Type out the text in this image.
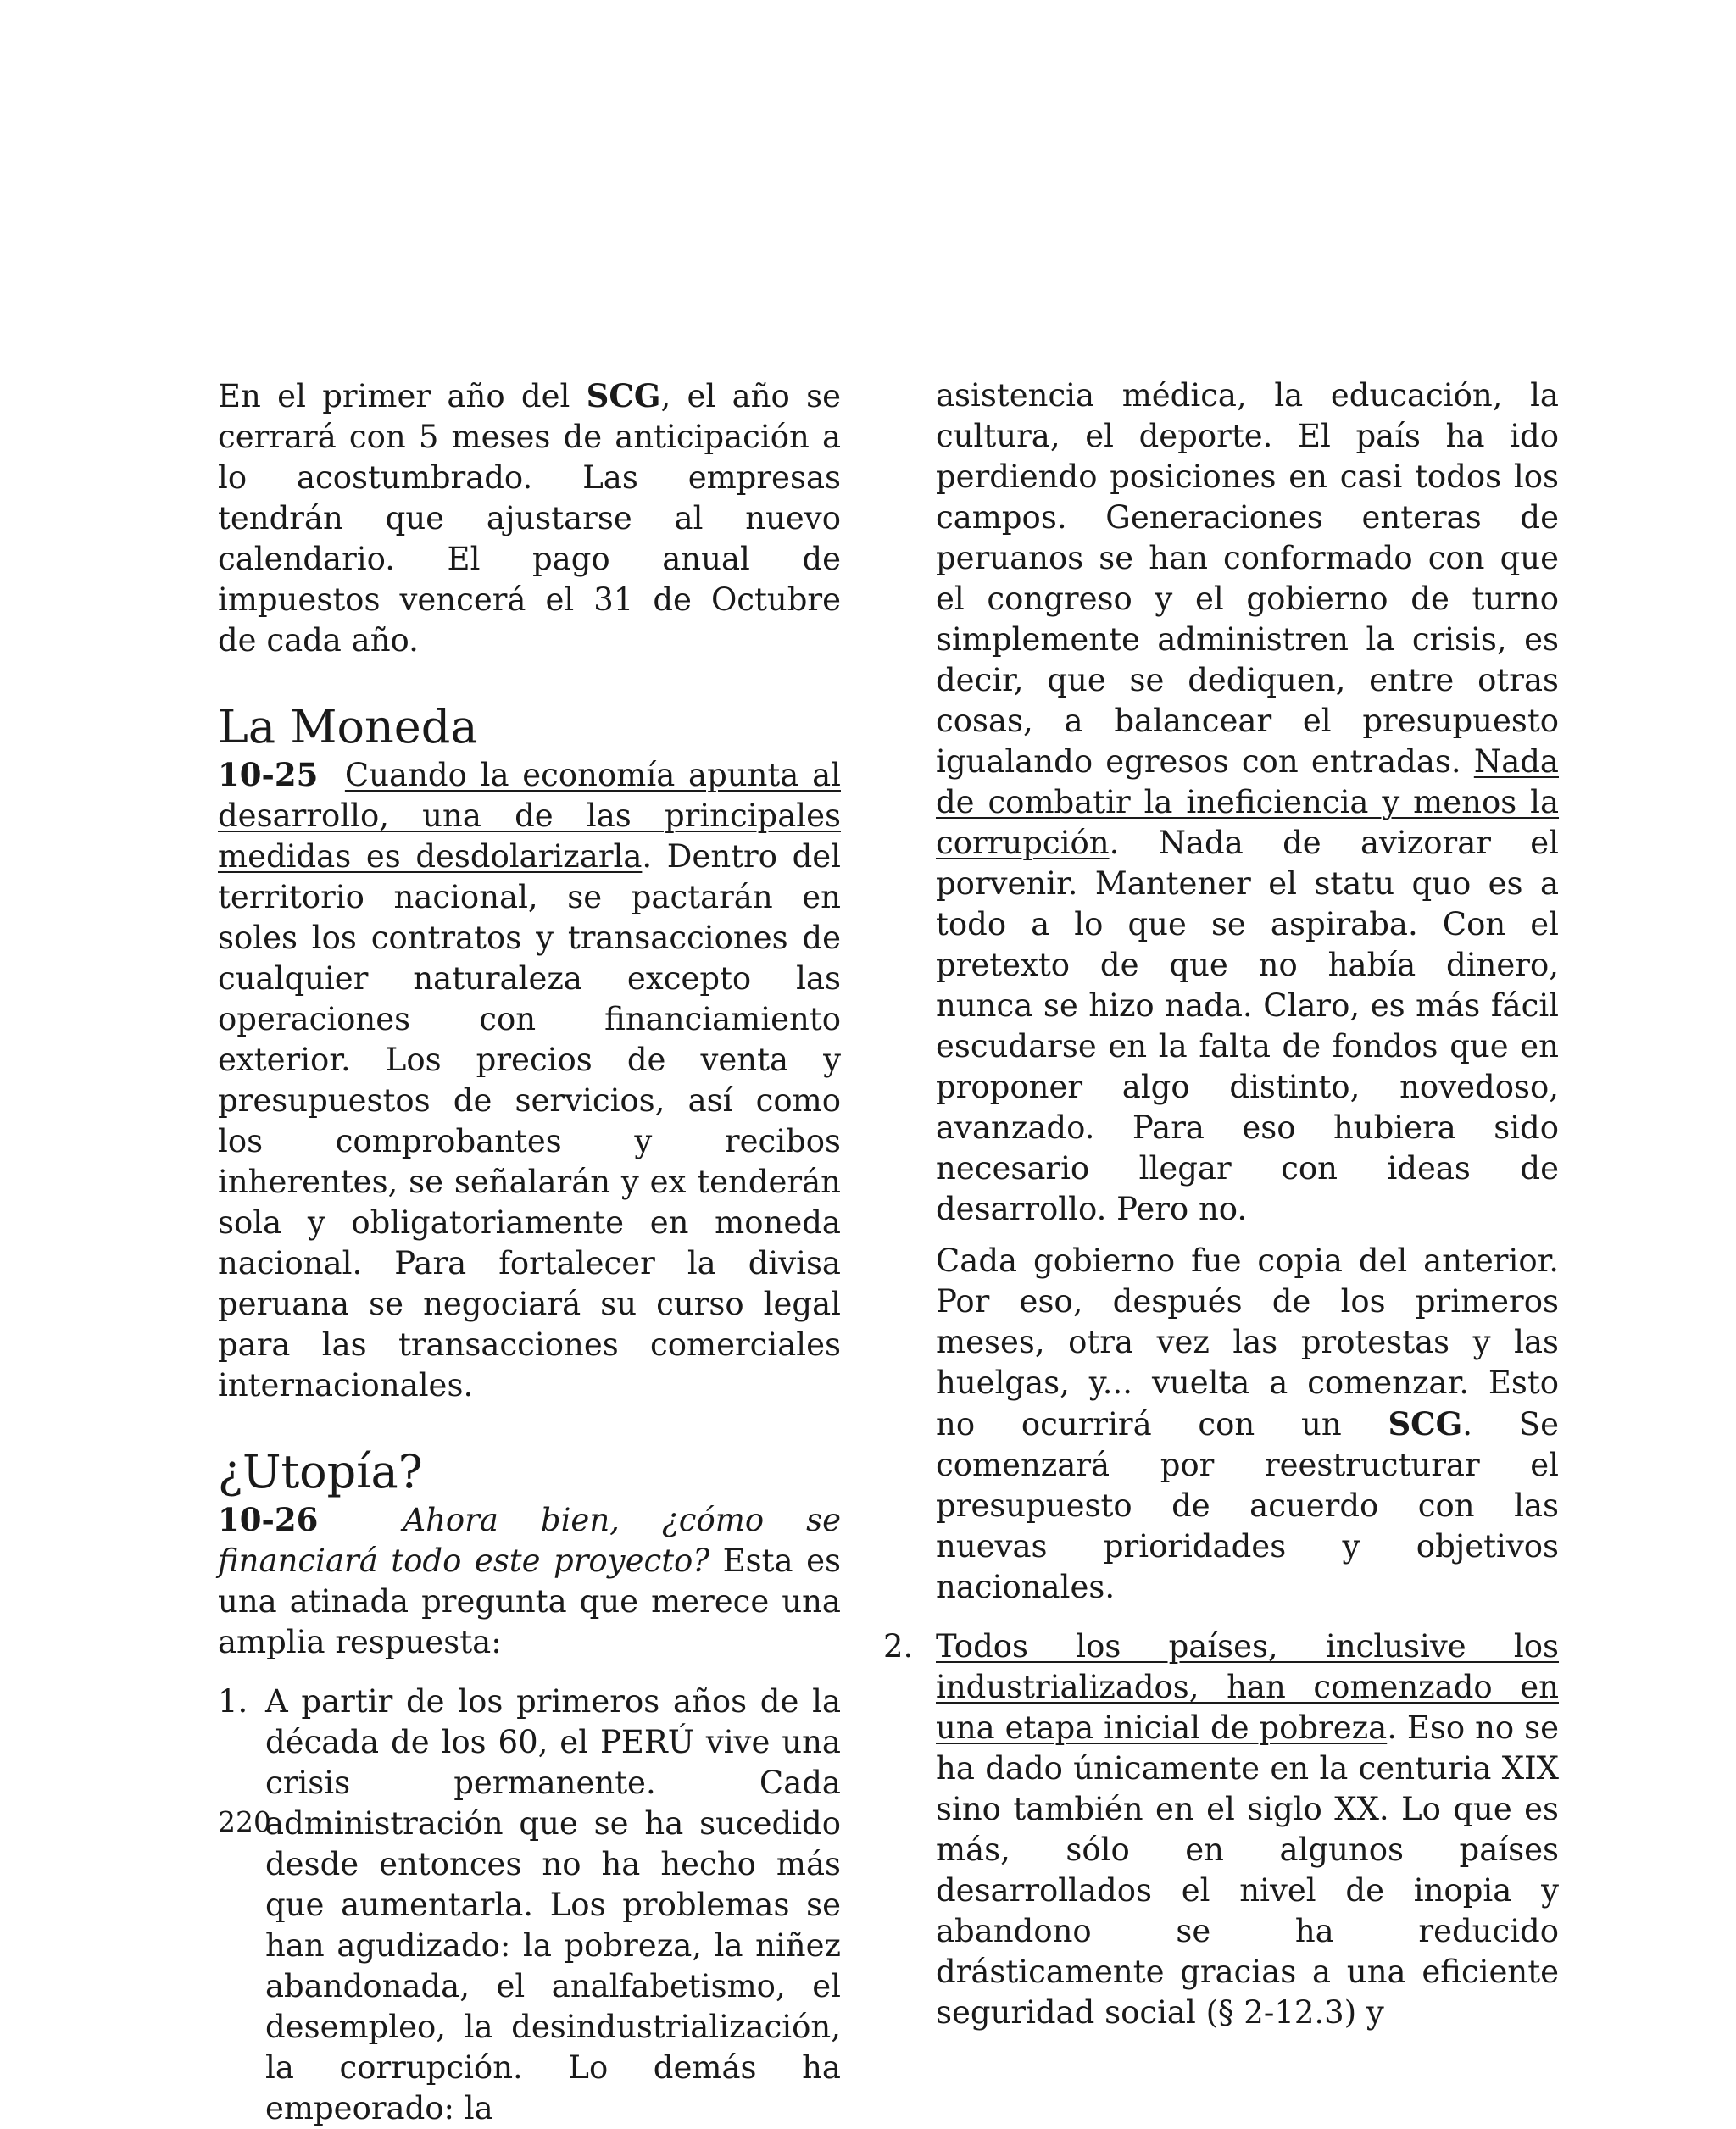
En el primer año del SCG, el año se cerrará con 5 meses de anticipación a lo acostumbrado. Las empresas tendrán que ajustarse al nuevo calendario. El pago anual de impuestos vencerá el 31 de Octubre de cada año.

La Moneda

10-25 Cuando la economía apunta al desarrollo, una de las principales medidas es desdolarizarla. Dentro del territorio nacional, se pactarán en soles los contratos y transacciones de cualquier naturaleza excepto las operaciones con financiamiento exterior. Los precios de venta y presupuestos de servicios, así como los comprobantes y recibos inherentes, se señalarán y ex tenderán sola y obligatoriamente en moneda nacional. Para fortalecer la divisa peruana se negociará su curso legal para las transacciones comerciales internacionales.

¿Utopía?

10-26	Ahora bien, ¿cómo se financiará todo este proyecto? Esta es una atinada pregunta que merece una amplia respuesta:

1. A partir de los primeros años de la década de los 60, el PERÚ vive una crisis permanente. Cada administración que se ha sucedido desde entonces no ha hecho más que aumentarla. Los problemas se han agudizado: la pobreza, la niñez abandonada, el analfabetismo, el desempleo, la desindustrialización, la corrupción. Lo demás ha empeorado: la

asistencia médica, la educación, la cultura, el deporte. El país ha ido perdiendo posiciones en casi todos los campos. Generaciones enteras de peruanos se han conformado con que el congreso y el gobierno de turno simplemente administren la crisis, es decir, que se dediquen, entre otras cosas, a balancear el presupuesto igualando egresos con entradas. Nada de combatir la ineficiencia y menos la corrupción. Nada de avizorar el porvenir. Mantener el statu quo es a todo a lo que se aspiraba. Con el pretexto de que no había dinero, nunca se hizo nada. Claro, es más fácil escudarse en la falta de fondos que en proponer algo distinto, novedoso, avanzado. Para eso hubiera sido necesario llegar con ideas de desarrollo. Pero no.

Cada gobierno fue copia del anterior. Por eso, después de los primeros meses, otra vez las protestas y las huelgas, y... vuelta a comenzar. Esto no ocurrirá con un SCG. Se comenzará por reestructurar el presupuesto de acuerdo con las nuevas prioridades y objetivos nacionales.

2. Todos los países, inclusive los industrializados, han comenzado en una etapa inicial de pobreza. Eso no se ha dado únicamente en la centuria XIX sino también en el siglo XX. Lo que es más, sólo en algunos países desarrollados el nivel de inopia y abandono se ha reducido drásticamente gracias a una eficiente seguridad social (§ 2-12.3) y
220
